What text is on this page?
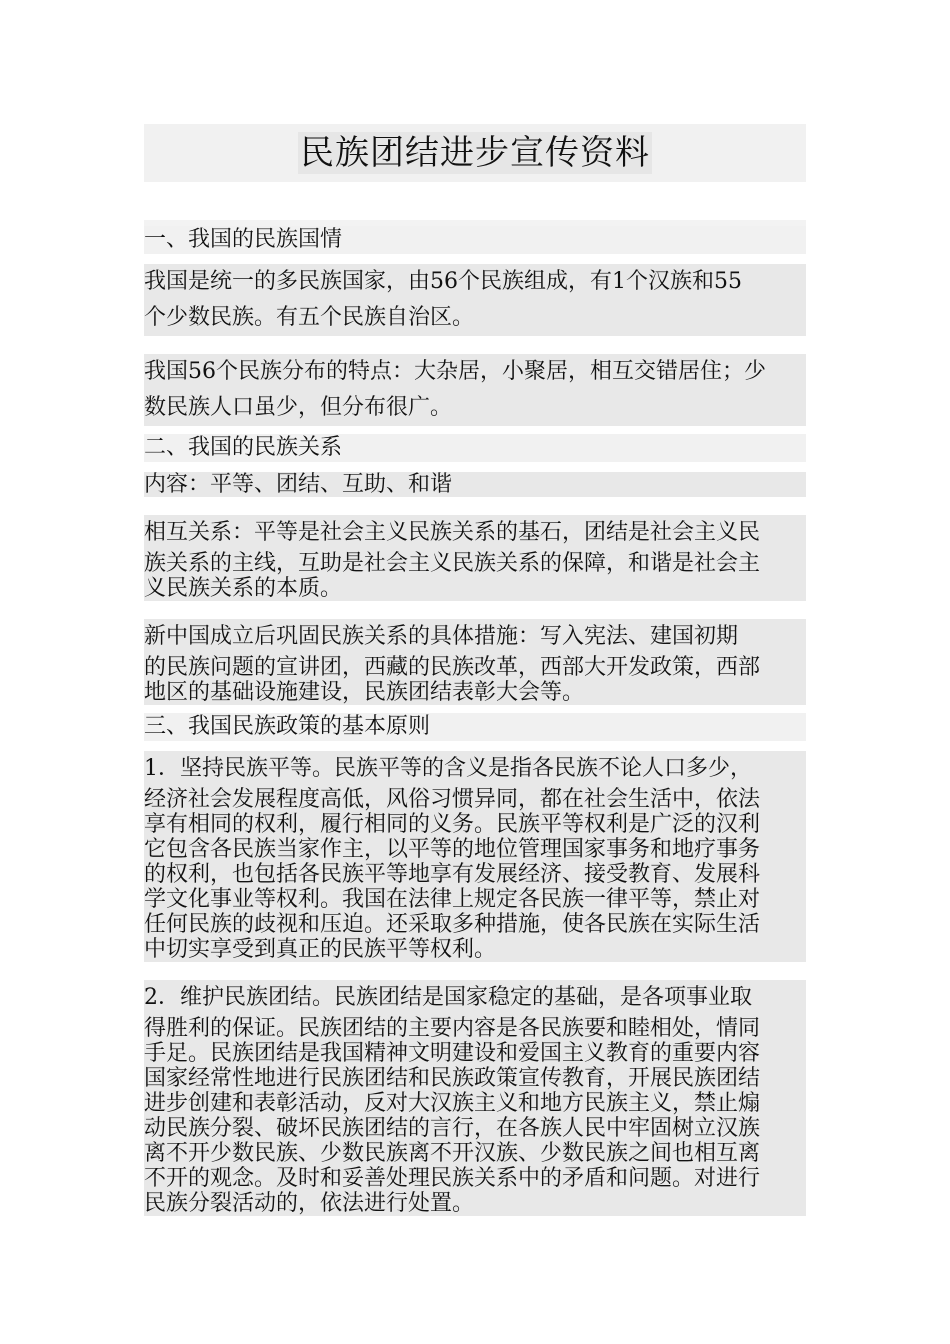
民族团结进步宣传资料
一、我国的民族国情
我国是统一的多民族国家，由56个民族组成，有1个汉族和55
个少数民族。有五个民族自治区。
我国56个民族分布的特点：大杂居，小聚居，相互交错居住；少
数民族人口虽少，但分布很广。
二、我国的民族关系
内容：平等、团结、互助、和谐
相互关系：平等是社会主义民族关系的基石，团结是社会主义民
族关系的主线，互助是社会主义民族关系的保障，和谐是社会主
义民族关系的本质。
新中国成立后巩固民族关系的具体措施：写入宪法、建国初期
的民族问题的宣讲团，西藏的民族改革，西部大开发政策，西部
地区的基础设施建设，民族团结表彰大会等。
三、我国民族政策的基本原则
1．坚持民族平等。民族平等的含义是指各民族不论人口多少，
经济社会发展程度高低，风俗习惯异同，都在社会生活中，依法
享有相同的权利，履行相同的义务。民族平等权利是广泛的汉利
它包含各民族当家作主，以平等的地位管理国家事务和地疗事务
的权利，也包括各民族平等地享有发展经济、接受教育、发展科
学文化事业等权利。我国在法律上规定各民族一律平等，禁止对
任何民族的歧视和压迫。还采取多种措施，使各民族在实际生活
中切实享受到真正的民族平等权利。
2．维护民族团结。民族团结是国家稳定的基础，是各项事业取
得胜利的保证。民族团结的主要内容是各民族要和睦相处，情同
手足。民族团结是我国精神文明建设和爱国主义教育的重要内容
国家经常性地进行民族团结和民族政策宣传教育，开展民族团结
进步创建和表彰活动，反对大汉族主义和地方民族主义，禁止煽
动民族分裂、破坏民族团结的言行，在各族人民中牢固树立汉族
离不开少数民族、少数民族离不开汉族、少数民族之间也相互离
不开的观念。及时和妥善处理民族关系中的矛盾和问题。对进行
民族分裂活动的，依法进行处置。
